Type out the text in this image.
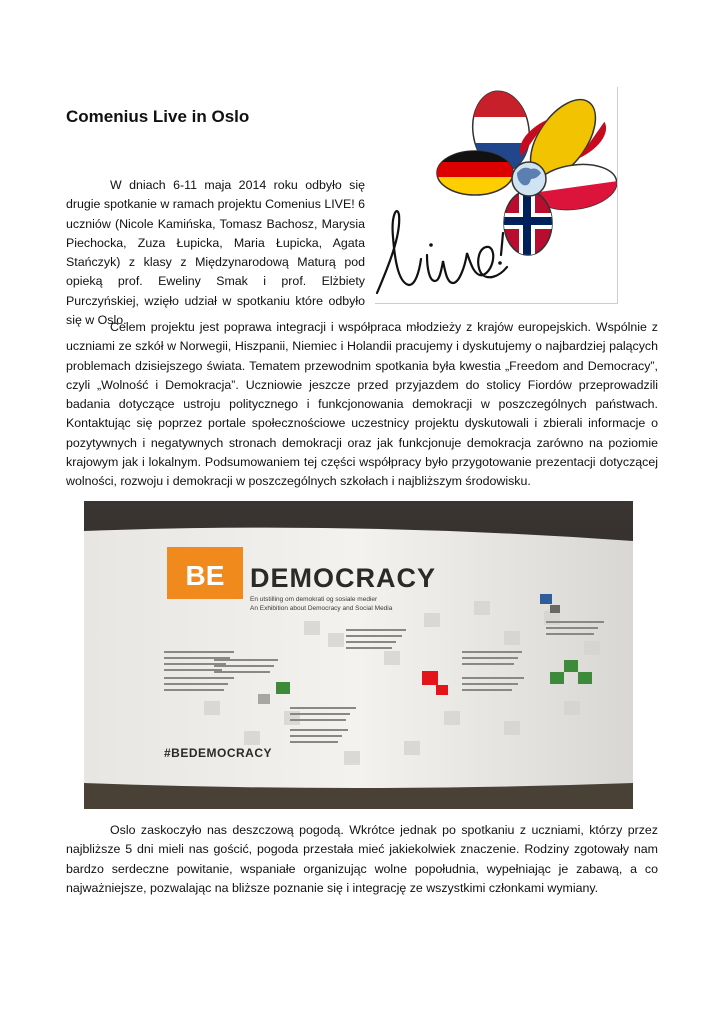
Comenius Live in Oslo
W dniach 6-11 maja 2014 roku odbyło się drugie spotkanie w ramach projektu Comenius LIVE! 6 uczniów (Nicole Kamińska, Tomasz Bachosz, Marysia Piechocka, Zuza Łupicka, Maria Łupicka, Agata Stańczyk) z klasy z Międzynarodową Maturą pod opieką prof. Eweliny Smak i prof. Elżbiety Purczyńskiej, wzięło udział w spotkaniu które odbyło się w Oslo.
Celem projektu jest poprawa integracji i współpraca młodzieży z krajów europejskich. Wspólnie z uczniami ze szkół w Norwegii, Hiszpanii, Niemiec i Holandii pracujemy i dyskutujemy o najbardziej palących problemach dzisiejszego świata. Tematem przewodnim spotkania była kwestia „Freedom and Democracy”, czyli „Wolność i Demokracja”. Uczniowie jeszcze przed przyjazdem do stolicy Fiordów przeprowadzili badania dotyczące ustroju politycznego i funkcjonowania demokracji w poszczególnych państwach. Kontaktując się poprzez portale społecznościowe uczestnicy projektu dyskutowali i zbierali informacje o pozytywnych i negatywnych stronach demokracji oraz jak funkcjonuje demokracja zarówno na poziomie krajowym jak i lokalnym. Podsumowaniem tej części współpracy było przygotowanie prezentacji dotyczącej wolności, rozwoju i demokracji w poszczególnych szkołach i najbliższym środowisku.
BE DEMOCRACY
En utstilling om demokrati og sosiale medier
An Exhibition about Democracy and Social Media
#BEDEMOCRACY
Oslo zaskoczyło nas deszczową pogodą. Wkrótce jednak po spotkaniu z uczniami, którzy przez najbliższe 5 dni mieli nas gościć, pogoda przestała mieć jakiekolwiek znaczenie. Rodziny zgotowały nam bardzo serdeczne powitanie, wspaniałe organizując wolne popołudnia, wypełniając je zabawą, a co najważniejsze, pozwalając na bliższe poznanie się i integrację ze wszystkimi członkami wymiany.
